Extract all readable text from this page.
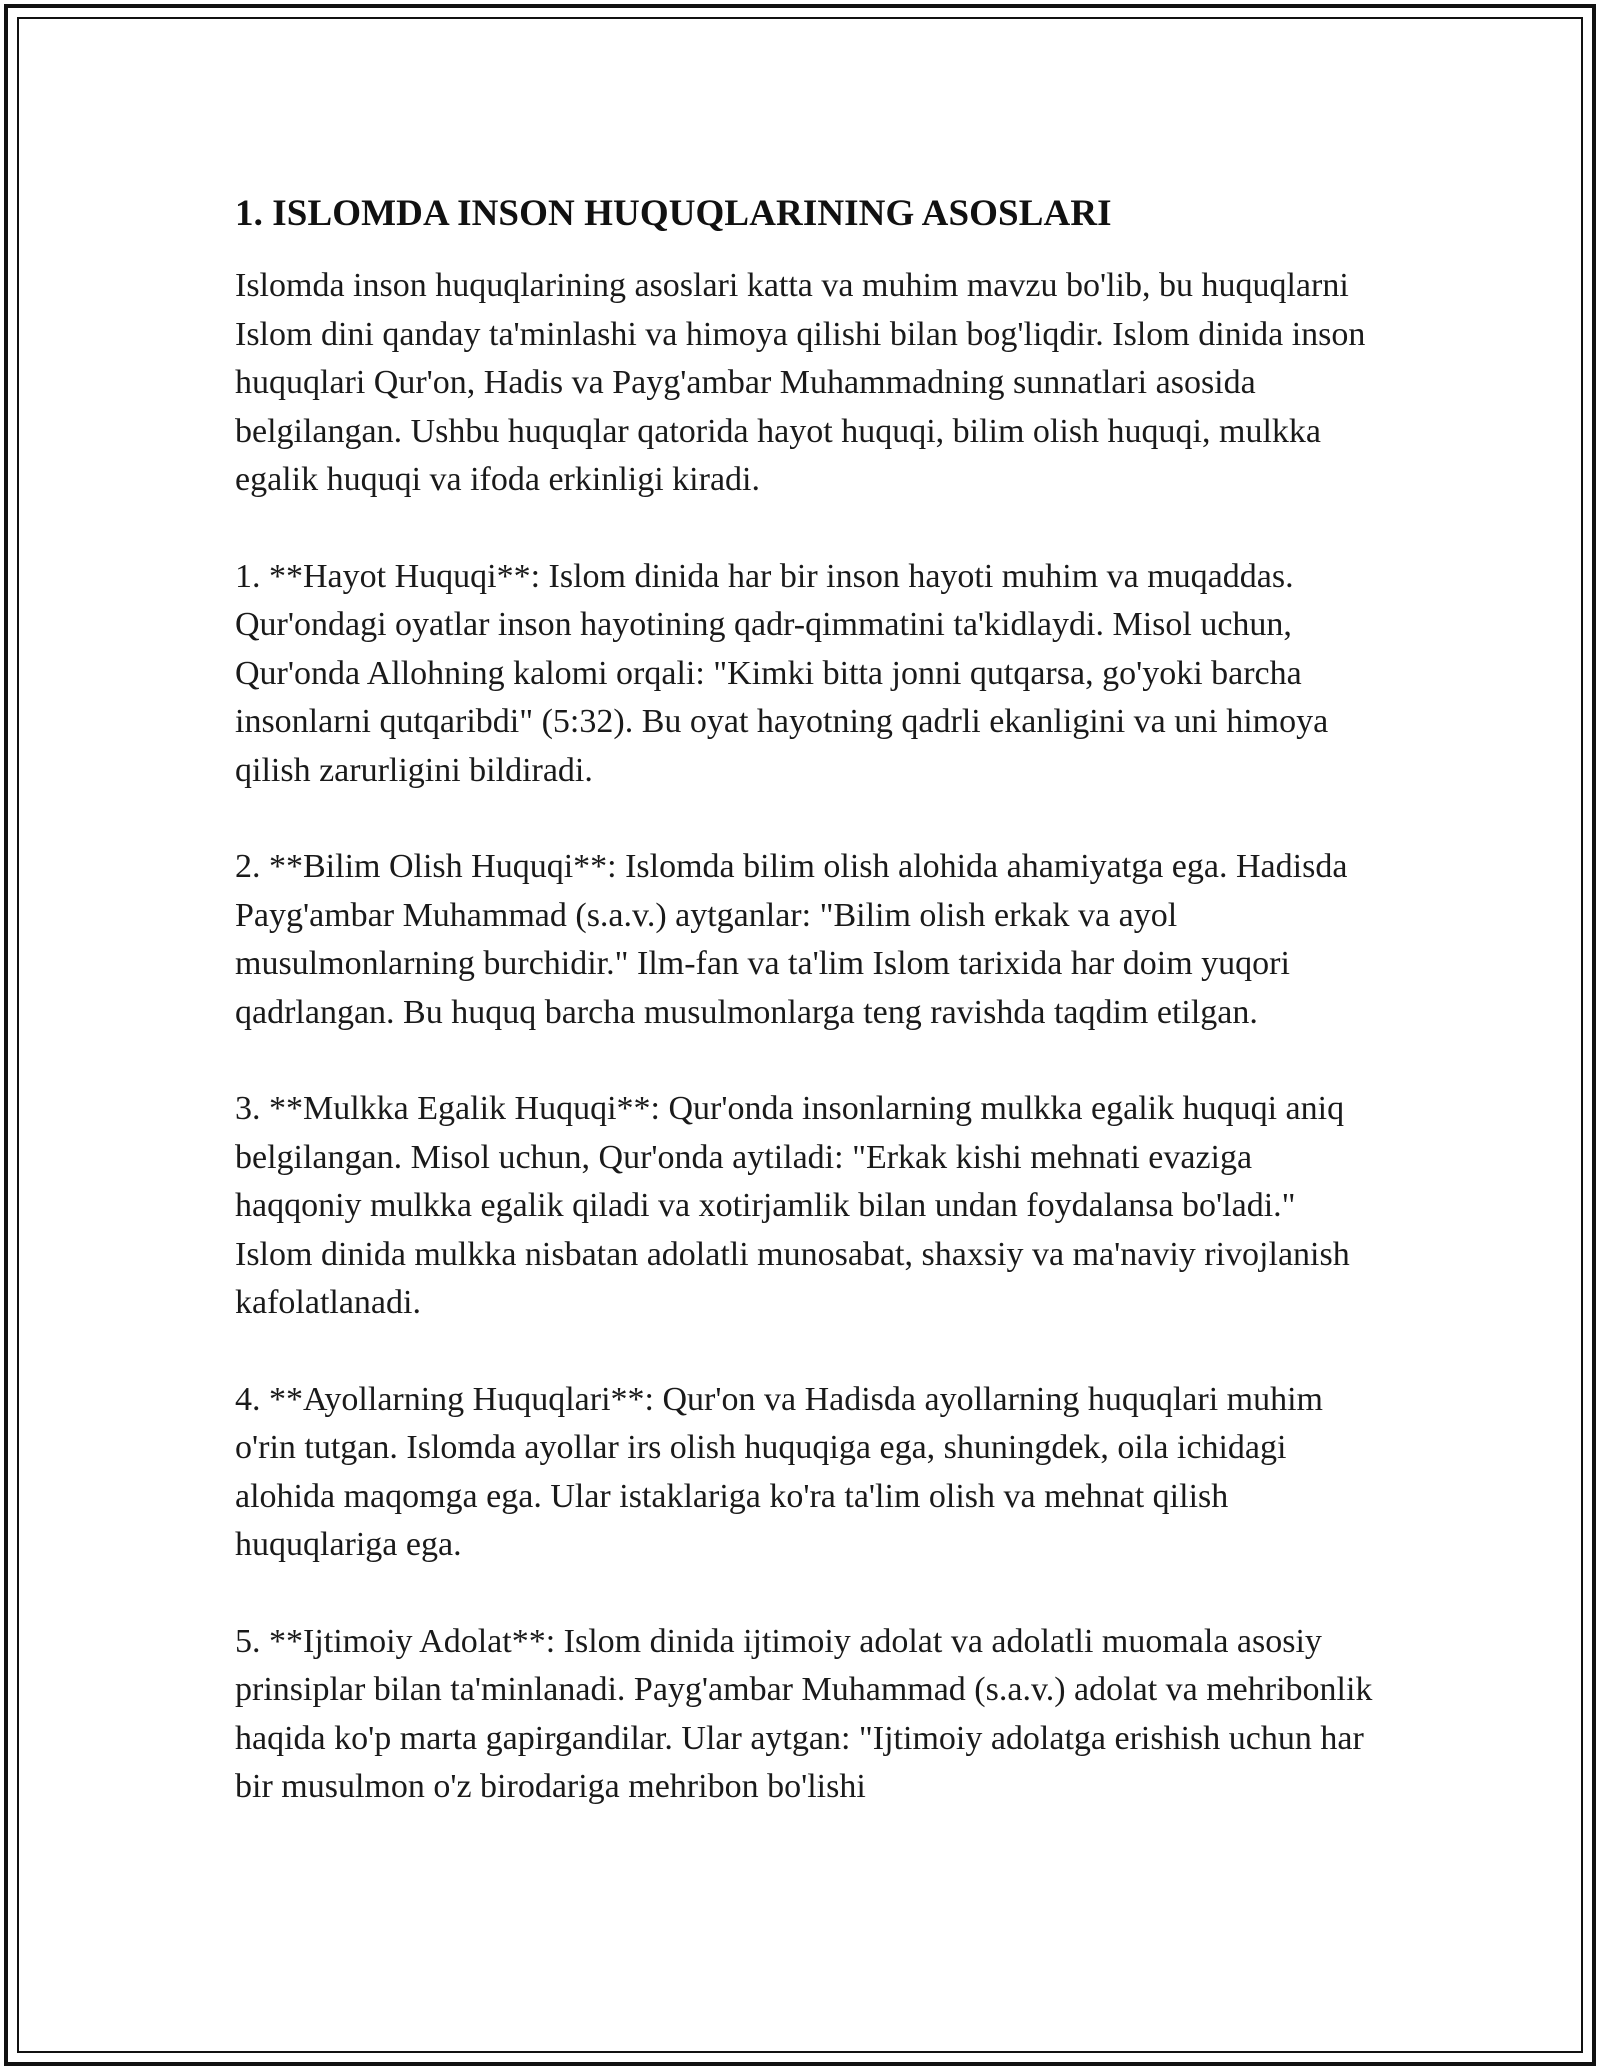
1. ISLOMDA INSON HUQUQLARINING ASOSLARI

Islomda inson huquqlarining asoslari katta va muhim mavzu bo'lib, bu huquqlarni Islom dini qanday ta'minlashi va himoya qilishi bilan bog'liqdir. Islom dinida inson huquqlari Qur'on, Hadis va Payg'ambar Muhammadning sunnatlari asosida belgilangan. Ushbu huquqlar qatorida hayot huquqi, bilim olish huquqi, mulkka egalik huquqi va ifoda erkinligi kiradi.

1. **Hayot Huquqi**: Islom dinida har bir inson hayoti muhim va muqaddas. Qur'ondagi oyatlar inson hayotining qadr-qimmatini ta'kidlaydi. Misol uchun, Qur'onda Allohning kalomi orqali: "Kimki bitta jonni qutqarsa, go'yoki barcha insonlarni qutqaribdi" (5:32). Bu oyat hayotning qadrli ekanligini va uni himoya qilish zarurligini bildiradi.

2. **Bilim Olish Huquqi**: Islomda bilim olish alohida ahamiyatga ega. Hadisda Payg'ambar Muhammad (s.a.v.) aytganlar: "Bilim olish erkak va ayol musulmonlarning burchidir." Ilm-fan va ta'lim Islom tarixida har doim yuqori qadrlangan. Bu huquq barcha musulmonlarga teng ravishda taqdim etilgan.

3. **Mulkka Egalik Huquqi**: Qur'onda insonlarning mulkka egalik huquqi aniq belgilangan. Misol uchun, Qur'onda aytiladi: "Erkak kishi mehnati evaziga haqqoniy mulkka egalik qiladi va xotirjamlik bilan undan foydalansa bo'ladi." Islom dinida mulkka nisbatan adolatli munosabat, shaxsiy va ma'naviy rivojlanish kafolatlanadi.

4. **Ayollarning Huquqlari**: Qur'on va Hadisda ayollarning huquqlari muhim o'rin tutgan. Islomda ayollar irs olish huquqiga ega, shuningdek, oila ichidagi alohida maqomga ega. Ular istaklariga ko'ra ta'lim olish va mehnat qilish huquqlariga ega.

5. **Ijtimoiy Adolat**: Islom dinida ijtimoiy adolat va adolatli muomala asosiy prinsiplar bilan ta'minlanadi. Payg'ambar Muhammad (s.a.v.) adolat va mehribonlik haqida ko'p marta gapirgandilar. Ular aytgan: "Ijtimoiy adolatga erishish uchun har bir musulmon o'z birodariga mehribon bo'lishi
